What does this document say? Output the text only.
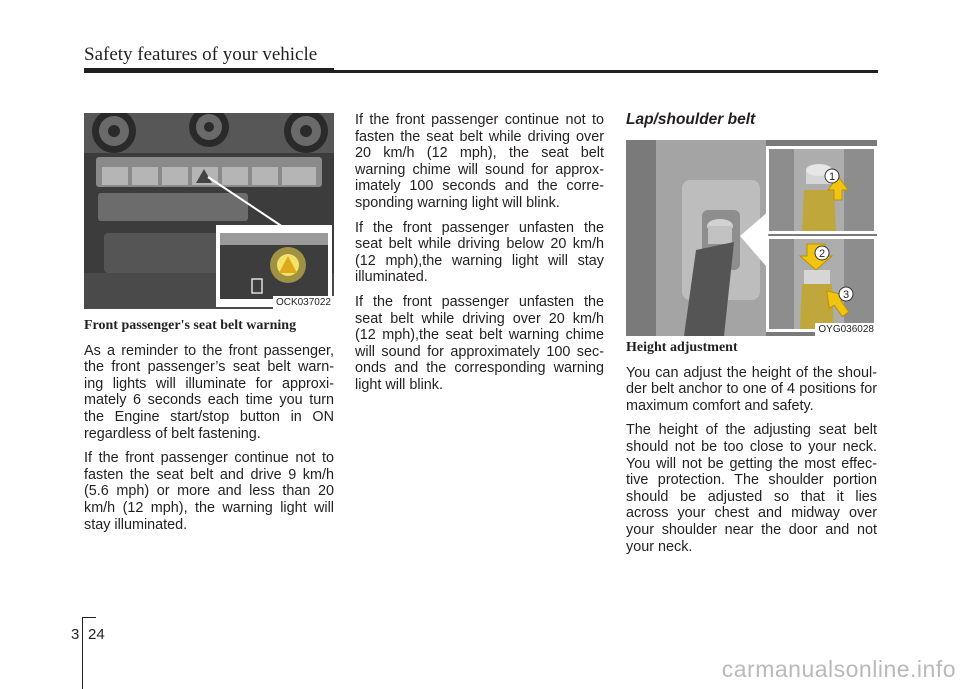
Safety features of your vehicle
OCK037022

Front passenger's seat belt warning

As a reminder to the front passenger, the front passenger’s seat belt warn-ing lights will illuminate for approxi-mately 6 seconds each time you turn the Engine start/stop button in ON regardless of belt fastening.

If the front passenger continue not to fasten the seat belt and drive 9 km/h (5.6 mph) or more and less than 20 km/h (12 mph), the warning light will stay illuminated.

If the front passenger continue not to fasten the seat belt while driving over 20 km/h (12 mph), the seat belt warning chime will sound for approx-imately 100 seconds and the corre-sponding warning light will blink.

If the front passenger unfasten the seat belt while driving below 20 km/h (12 mph),the warning light will stay illuminated.

If the front passenger unfasten the seat belt while driving over 20 km/h (12 mph),the seat belt warning chime will sound for approximately 100 sec-onds and the corresponding warning light will blink.

Lap/shoulder belt
1
2
3
OYG036028

Height adjustment

You can adjust the height of the shoul-der belt anchor to one of 4 positions for maximum comfort and safety.

The height of the adjusting seat belt should not be too close to your neck. You will not be getting the most effec-tive protection. The shoulder portion should be adjusted so that it lies across your chest and midway over your shoulder near the door and not your neck.

3 24
carmanualsonline.info
